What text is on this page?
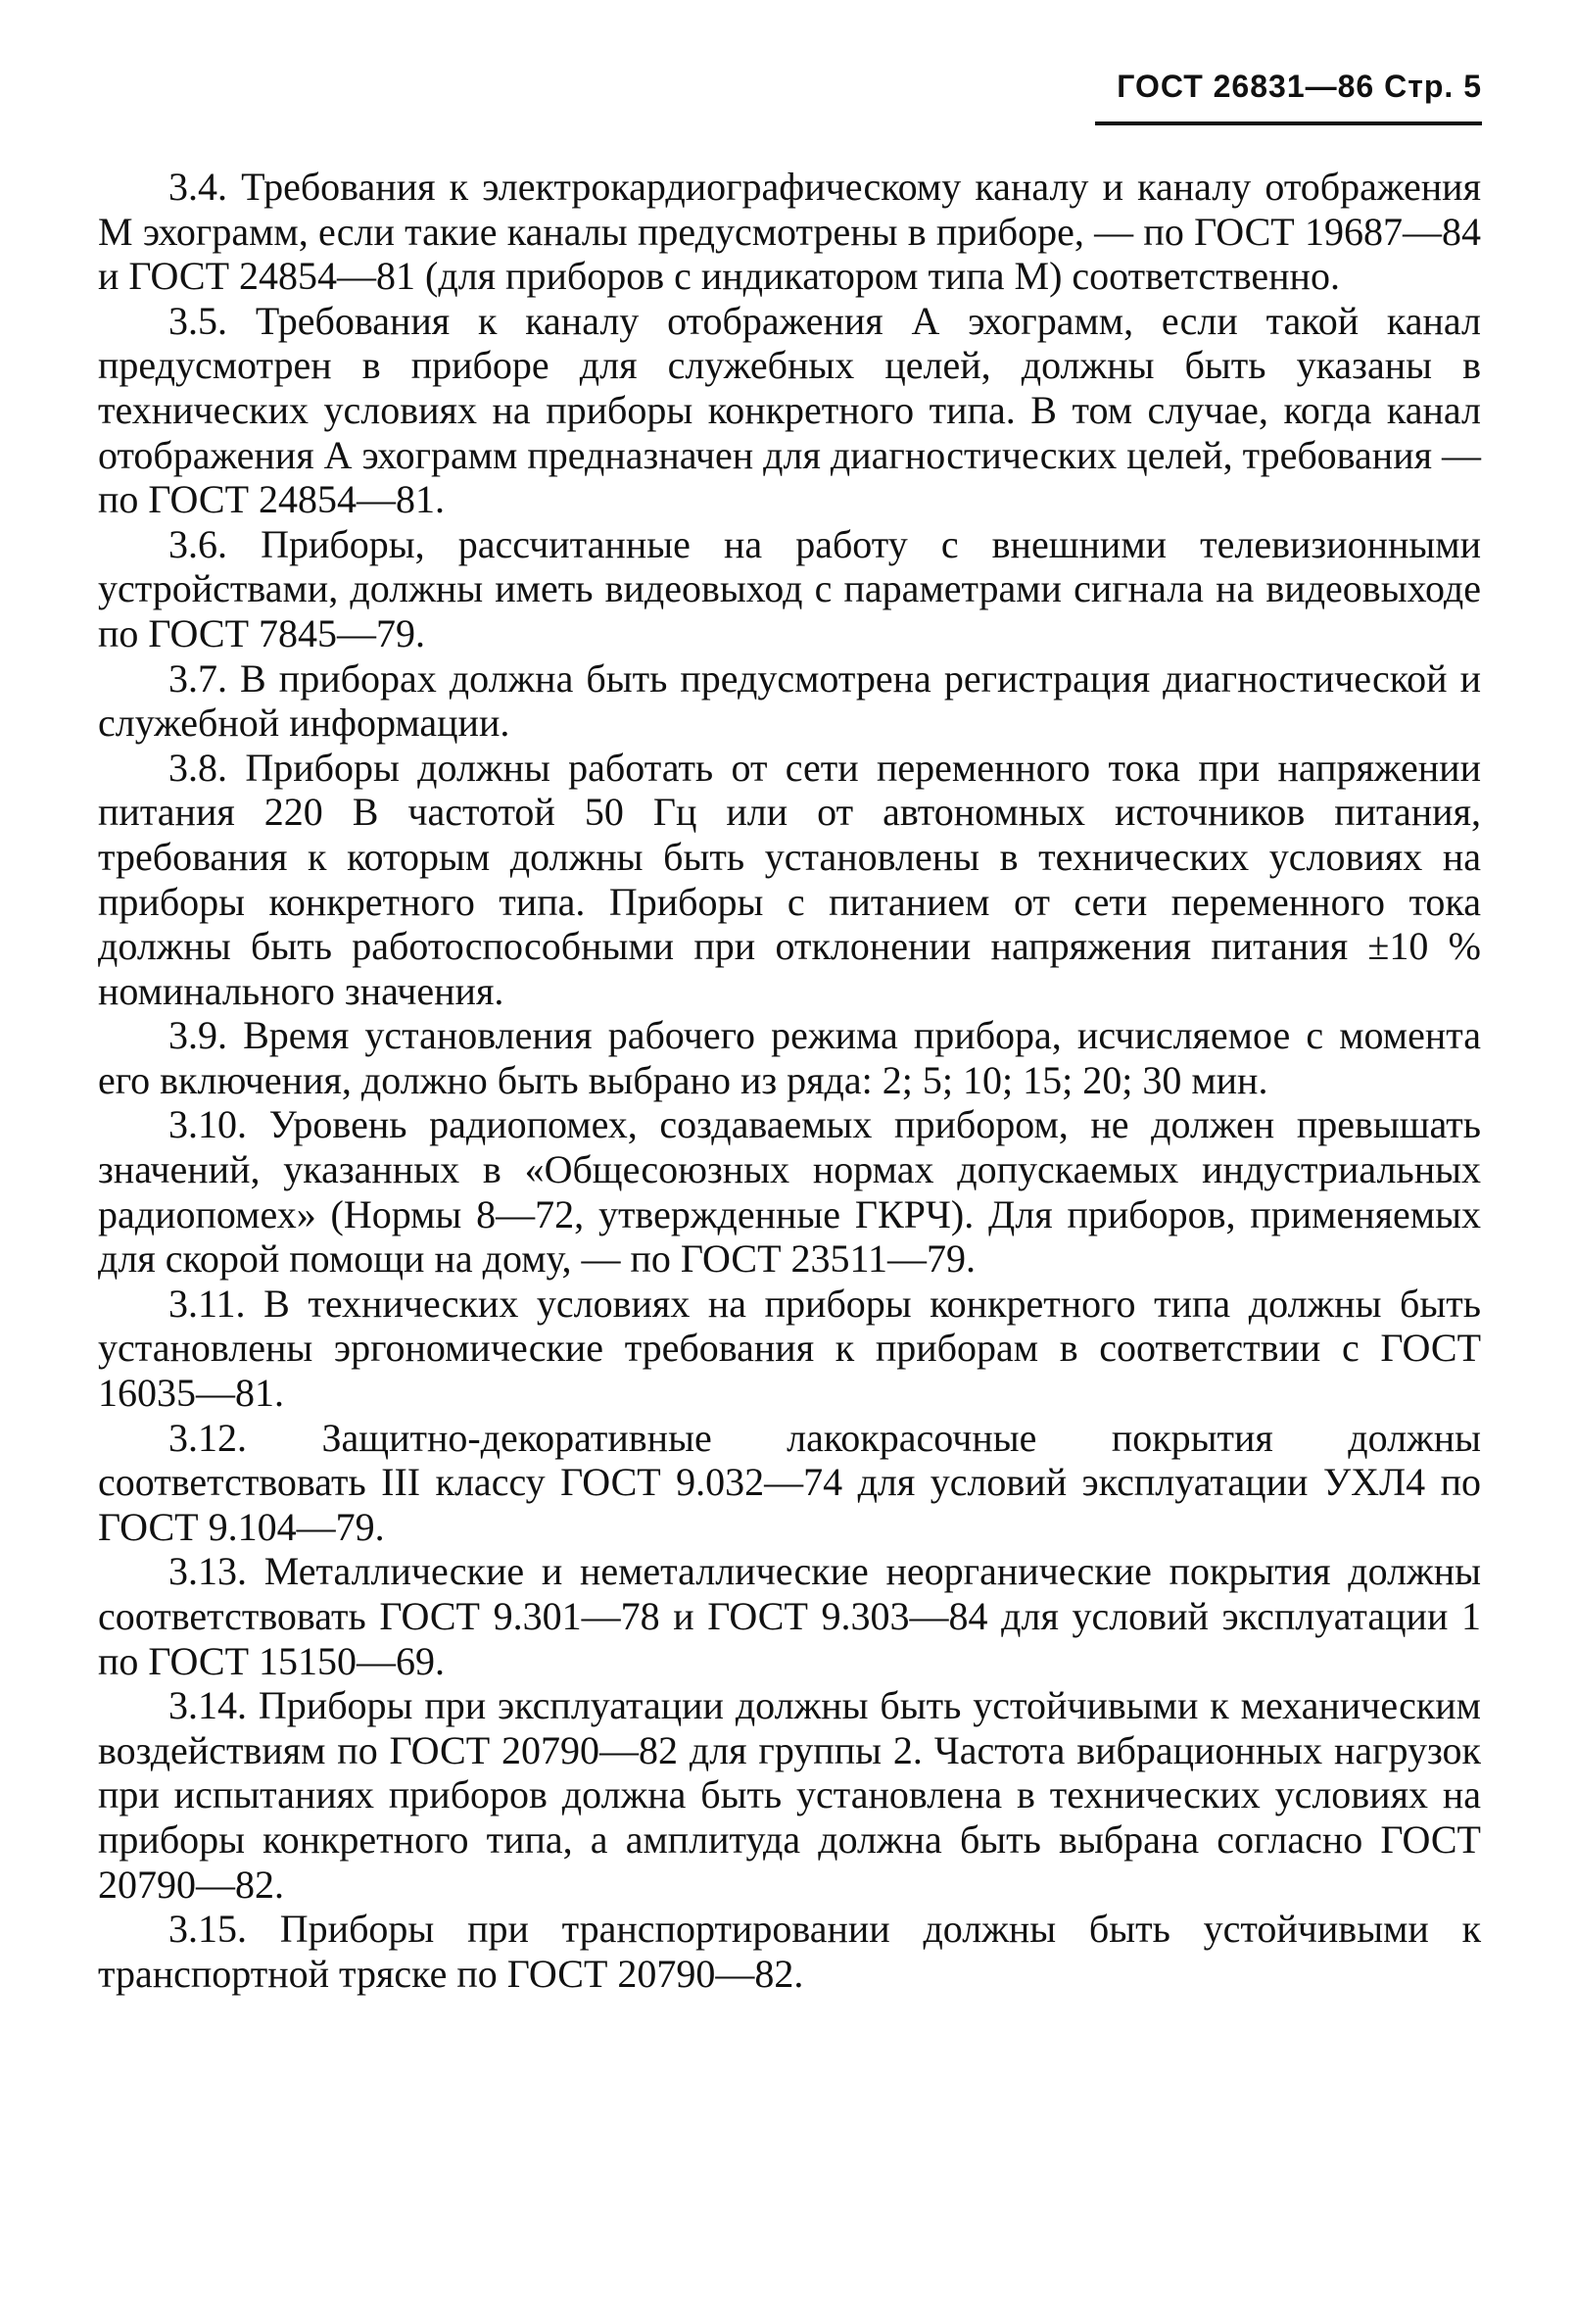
ГОСТ 26831—86 Стр. 5

3.4. Требования к электрокардиографическому каналу и каналу отображения М эхограмм, если такие каналы предусмотрены в приборе, — по ГОСТ 19687—84 и ГОСТ 24854—81 (для приборов с индикатором типа М) соответственно.

3.5. Требования к каналу отображения А эхограмм, если такой канал предусмотрен в приборе для служебных целей, должны быть указаны в технических условиях на приборы конкретного типа. В том случае, когда канал отображения А эхограмм предназначен для диагностических целей, требования — по ГОСТ 24854—81.

3.6. Приборы, рассчитанные на работу с внешними телевизионными устройствами, должны иметь видеовыход с параметрами сигнала на видеовыходе по ГОСТ 7845—79.

3.7. В приборах должна быть предусмотрена регистрация диагностической и служебной информации.

3.8. Приборы должны работать от сети переменного тока при напряжении питания 220 В частотой 50 Гц или от автономных источников питания, требования к которым должны быть установлены в технических условиях на приборы конкретного типа. Приборы с питанием от сети переменного тока должны быть работоспособными при отклонении напряжения питания ±10 % номинального значения.

3.9. Время установления рабочего режима прибора, исчисляемое с момента его включения, должно быть выбрано из ряда: 2; 5; 10; 15; 20; 30 мин.

3.10. Уровень радиопомех, создаваемых прибором, не должен превышать значений, указанных в «Общесоюзных нормах допускаемых индустриальных радиопомех» (Нормы 8—72, утвержденные ГКРЧ). Для приборов, применяемых для скорой помощи на дому, — по ГОСТ 23511—79.

3.11. В технических условиях на приборы конкретного типа должны быть установлены эргономические требования к приборам в соответствии с ГОСТ 16035—81.

3.12. Защитно-декоративные лакокрасочные покрытия должны соответствовать III классу ГОСТ 9.032—74 для условий эксплуатации УХЛ4 по ГОСТ 9.104—79.

3.13. Металлические и неметаллические неорганические покрытия должны соответствовать ГОСТ 9.301—78 и ГОСТ 9.303—84 для условий эксплуатации 1 по ГОСТ 15150—69.

3.14. Приборы при эксплуатации должны быть устойчивыми к механическим воздействиям по ГОСТ 20790—82 для группы 2. Частота вибрационных нагрузок при испытаниях приборов должна быть установлена в технических условиях на приборы конкретного типа, а амплитуда должна быть выбрана согласно ГОСТ 20790—82.

3.15. Приборы при транспортировании должны быть устойчивыми к транспортной тряске по ГОСТ 20790—82.
